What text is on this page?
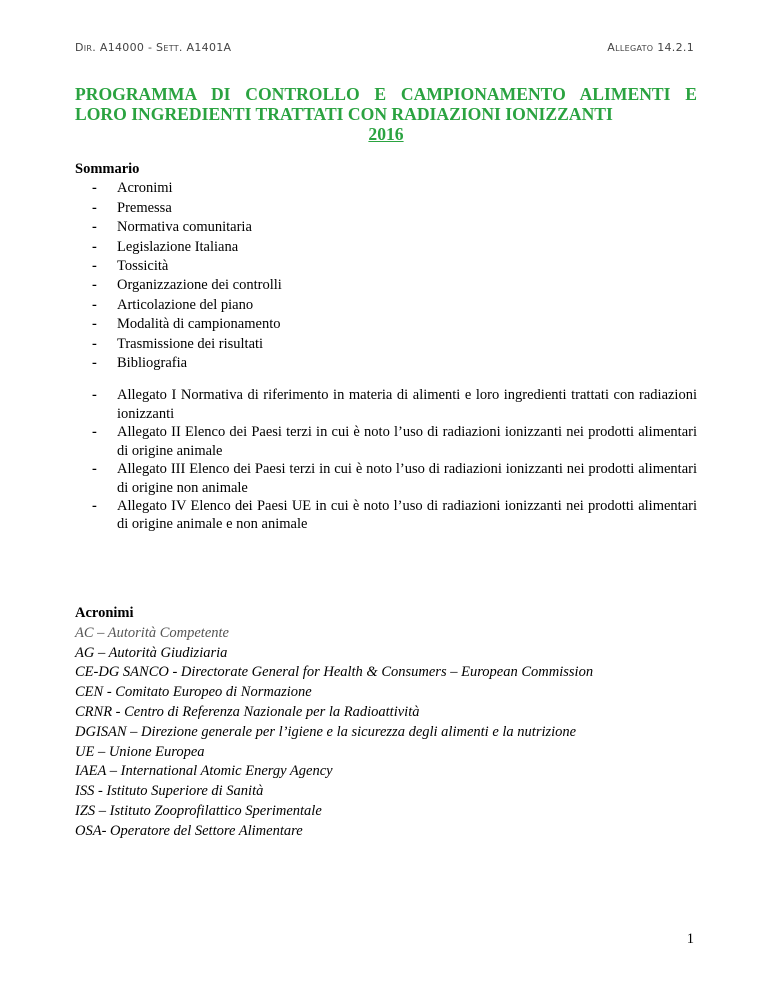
Dir. A14000 - Sett. A1401A	Allegato 14.2.1
PROGRAMMA DI CONTROLLO E CAMPIONAMENTO ALIMENTI E
LORO INGREDIENTI TRATTATI CON RADIAZIONI IONIZZANTI
2016
Sommario
- Acronimi
- Premessa
- Normativa comunitaria
- Legislazione Italiana
- Tossicità
- Organizzazione dei controlli
- Articolazione del piano
- Modalità di campionamento
- Trasmissione dei risultati
- Bibliografia
- Allegato I Normativa di riferimento in materia di alimenti e loro ingredienti trattati con radiazioni ionizzanti
- Allegato II Elenco dei Paesi terzi in cui è noto l’uso di radiazioni ionizzanti nei prodotti alimentari di origine animale
- Allegato III Elenco dei Paesi terzi in cui è noto l’uso di radiazioni ionizzanti nei prodotti alimentari di origine non animale
- Allegato IV Elenco dei Paesi UE in cui è noto l’uso di radiazioni ionizzanti nei prodotti alimentari di origine animale e non animale
Acronimi
AC – Autorità Competente
AG – Autorità Giudiziaria
CE-DG SANCO - Directorate General for Health & Consumers – European Commission
CEN - Comitato Europeo di Normazione
CRNR - Centro di Referenza Nazionale per la Radioattività
DGISAN – Direzione generale per l’igiene e la sicurezza degli alimenti e la nutrizione
UE – Unione Europea
IAEA – International Atomic Energy Agency
ISS - Istituto Superiore di Sanità
IZS – Istituto Zooprofilattico Sperimentale
OSA- Operatore del Settore Alimentare
1
